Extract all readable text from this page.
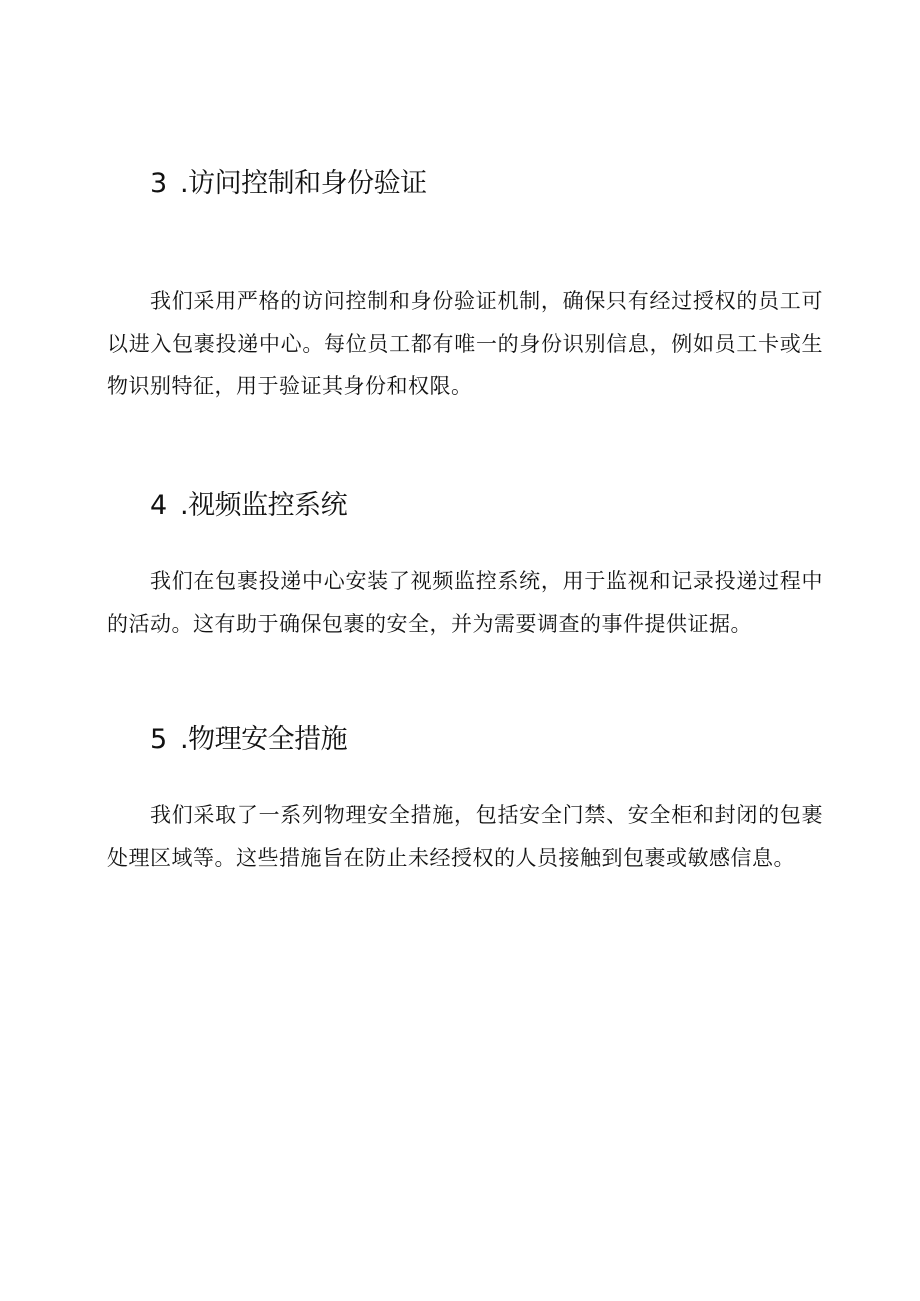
3 .访问控制和身份验证

我们采用严格的访问控制和身份验证机制，确保只有经过授权的员工可以进入包裹投递中心。每位员工都有唯一的身份识别信息，例如员工卡或生物识别特征，用于验证其身份和权限。

4 .视频监控系统

我们在包裹投递中心安装了视频监控系统，用于监视和记录投递过程中的活动。这有助于确保包裹的安全，并为需要调查的事件提供证据。

5 .物理安全措施

我们采取了一系列物理安全措施，包括安全门禁、安全柜和封闭的包裹处理区域等。这些措施旨在防止未经授权的人员接触到包裹或敏感信息。
